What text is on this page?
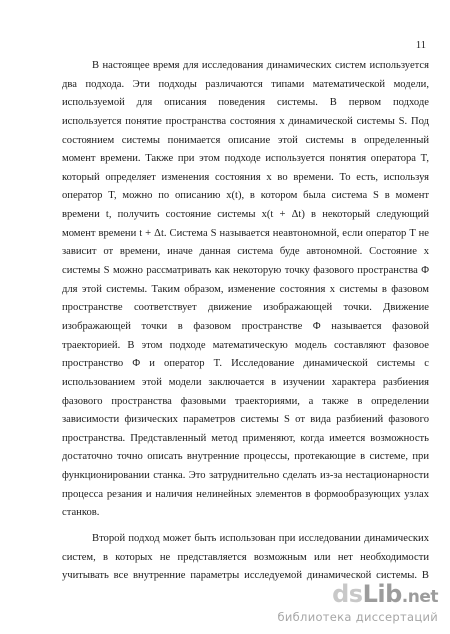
11
В настоящее время для исследования динамических систем используется
два подхода. Эти подходы различаются типами математической модели,
используемой для описания поведения системы. В первом подходе
используется понятие пространства состояния x динамической системы S. Под
состоянием системы понимается описание этой системы в определенный
момент времени. Также при этом подходе используется понятия оператора T,
который определяет изменения состояния x во времени. То есть, используя
оператор T, можно по описанию x(t), в котором была система S в момент
времени t, получить состояние системы x(t + Δt) в некоторый следующий
момент времени t + Δt. Система S называется неавтономной, если оператор T не
зависит от времени, иначе данная система буде автономной. Состояние x
системы S можно рассматривать как некоторую точку фазового пространства Φ
для этой системы. Таким образом, изменение состояния x системы в фазовом
пространстве соответствует движение изображающей точки. Движение
изображающей точки в фазовом пространстве Φ называется фазовой
траекторией. В этом подходе математическую модель составляют фазовое
пространство Φ и оператор T. Исследование динамической системы с
использованием этой модели заключается в изучении характера разбиения
фазового пространства фазовыми траекториями, а также в определении
зависимости физических параметров системы S от вида разбиений фазового
пространства. Представленный метод применяют, когда имеется возможность
достаточно точно описать внутренние процессы, протекающие в системе, при
функционировании станка. Это затруднительно сделать из-за нестационарности
процесса резания и наличия нелинейных элементов в формообразующих узлах
станков.
Второй подход может быть использован при исследовании динамических
систем, в которых не представляется возможным или нет необходимости
учитывать все внутренние параметры исследуемой динамической системы. В
dsLib.net
библиотека диссертаций
